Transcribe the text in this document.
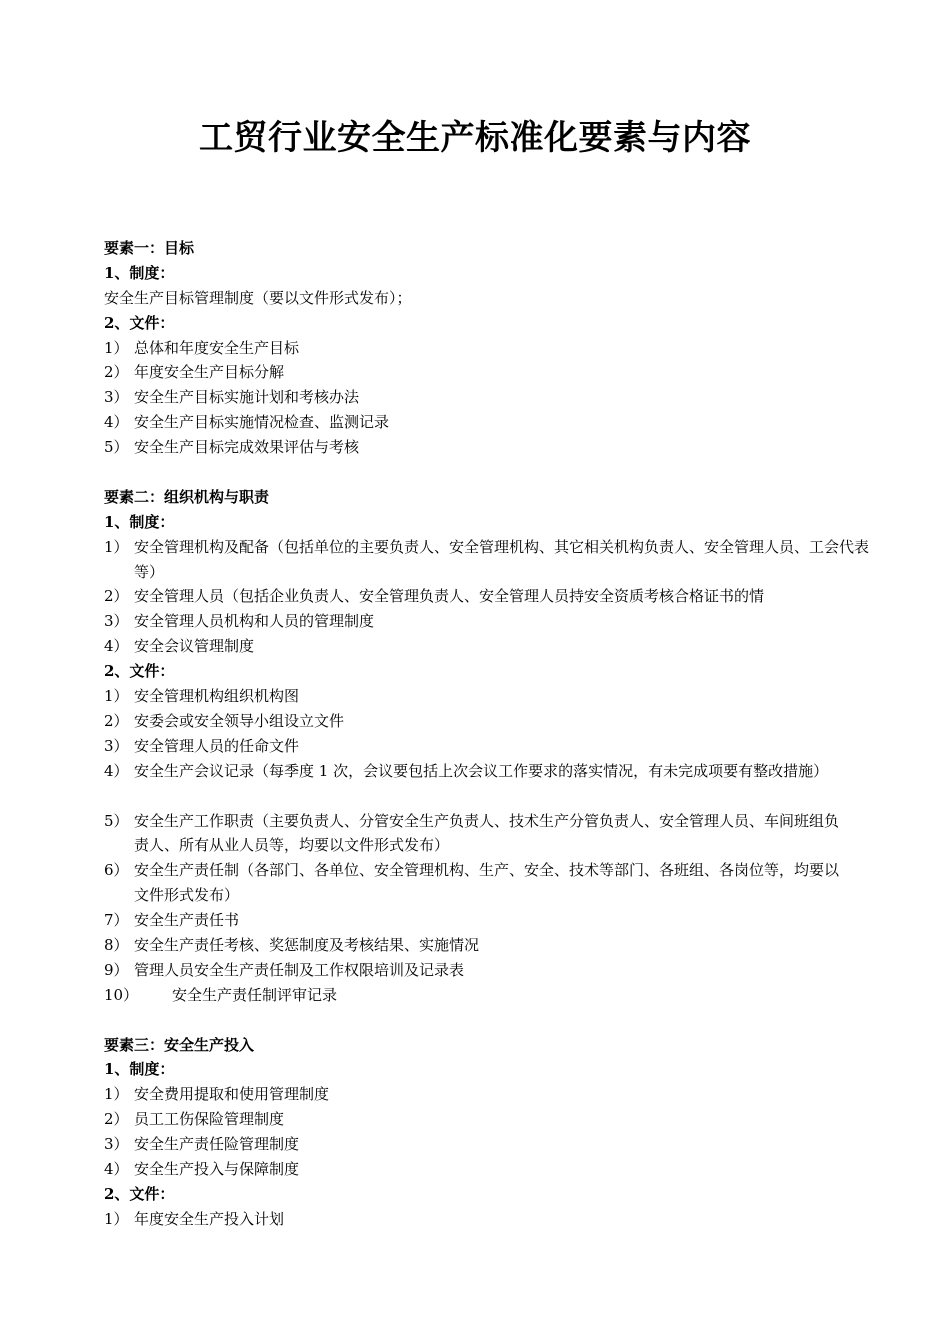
工贸行业安全生产标准化要素与内容
要素一：目标
1、制度：
安全生产目标管理制度（要以文件形式发布）；
2、文件：
1） 总体和年度安全生产目标
2） 年度安全生产目标分解
3） 安全生产目标实施计划和考核办法
4） 安全生产目标实施情况检查、监测记录
5） 安全生产目标完成效果评估与考核
要素二：组织机构与职责
1、制度：
1） 安全管理机构及配备（包括单位的主要负责人、安全管理机构、其它相关机构负责人、安全管理人员、工会代表等）
2） 安全管理人员（包括企业负责人、安全管理负责人、安全管理人员持安全资质考核合格证书的情
3） 安全管理人员机构和人员的管理制度
4） 安全会议管理制度
2、文件：
1） 安全管理机构组织机构图
2） 安委会或安全领导小组设立文件
3） 安全管理人员的任命文件
4） 安全生产会议记录（每季度 1 次，会议要包括上次会议工作要求的落实情况，有未完成项要有整改措施）
5） 安全生产工作职责（主要负责人、分管安全生产负责人、技术生产分管负责人、安全管理人员、车间班组负责人、所有从业人员等，均要以文件形式发布）
6） 安全生产责任制（各部门、各单位、安全管理机构、生产、安全、技术等部门、各班组、各岗位等，均要以文件形式发布）
7） 安全生产责任书
8） 安全生产责任考核、奖惩制度及考核结果、实施情况
9） 管理人员安全生产责任制及工作权限培训及记录表
10） 安全生产责任制评审记录
要素三：安全生产投入
1、制度：
1） 安全费用提取和使用管理制度
2） 员工工伤保险管理制度
3） 安全生产责任险管理制度
4） 安全生产投入与保障制度
2、文件：
1） 年度安全生产投入计划
